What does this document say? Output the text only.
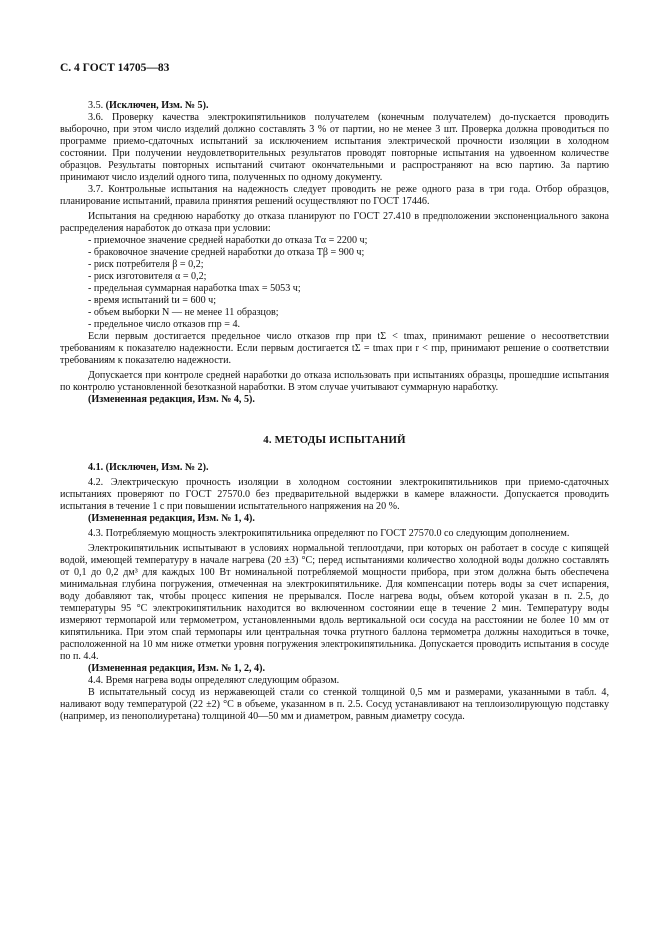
С. 4 ГОСТ 14705—83

3.5. (Исключен, Изм. № 5).

3.6. Проверку качества электрокипятильников получателем (конечным получателем) до-пускается проводить выборочно, при этом число изделий должно составлять 3 % от партии, но не менее 3 шт. Проверка должна проводиться по программе приемо-сдаточных испытаний за исключением испытания электрической прочности изоляции в холодном состоянии. При получении неудовлетворительных результатов проводят повторные испытания на удвоенном количестве образцов. Результаты повторных испытаний считают окончательными и распространяют на всю партию. За партию принимают число изделий одного типа, полученных по одному документу.

3.7. Контрольные испытания на надежность следует проводить не реже одного раза в три года. Отбор образцов, планирование испытаний, правила принятия решений осуществляют по ГОСТ 17446.

Испытания на среднюю наработку до отказа планируют по ГОСТ 27.410 в предположении экспоненциального закона распределения наработок до отказа при условии:

- приемочное значение средней наработки до отказа Tα = 2200 ч;

- браковочное значение средней наработки до отказа Tβ = 900 ч;

- риск потребителя β = 0,2;

- риск изготовителя α = 0,2;

- предельная суммарная наработка tmax = 5053 ч;

- время испытаний tи = 600 ч;

- объем выборки N — не менее 11 образцов;

- предельное число отказов rпр = 4.

Если первым достигается предельное число отказов rпр при tΣ < tmax, принимают решение о несоответствии требованиям к показателю надежности. Если первым достигается tΣ = tmax при r < rпр, принимают решение о соответствии требованиям к показателю надежности.

Допускается при контроле средней наработки до отказа использовать при испытаниях образцы, прошедшие испытания по контролю установленной безотказной наработки. В этом случае учитывают суммарную наработку.

(Измененная редакция, Изм. № 4, 5).

4. МЕТОДЫ ИСПЫТАНИЙ

4.1. (Исключен, Изм. № 2).

4.2. Электрическую прочность изоляции в холодном состоянии электрокипятильников при приемо-сдаточных испытаниях проверяют по ГОСТ 27570.0 без предварительной выдержки в камере влажности. Допускается проводить испытания в течение 1 с при повышении испытательного напряжения на 20 %.

(Измененная редакция, Изм. № 1, 4).

4.3. Потребляемую мощность электрокипятильника определяют по ГОСТ 27570.0 со следующим дополнением.

Электрокипятильник испытывают в условиях нормальной теплоотдачи, при которых он работает в сосуде с кипящей водой, имеющей температуру в начале нагрева (20 ±3) °С; перед испытаниями количество холодной воды должно составлять от 0,1 до 0,2 дм³ для каждых 100 Вт номинальной потребляемой мощности прибора, при этом должна быть обеспечена минимальная глубина погружения, отмеченная на электрокипятильнике. Для компенсации потерь воды за счет испарения, воду добавляют так, чтобы процесс кипения не прерывался. После нагрева воды, объем которой указан в п. 2.5, до температуры 95 °С электрокипятильник находится во включенном состоянии еще в течение 2 мин. Температуру воды измеряют термопарой или термометром, установленными вдоль вертикальной оси сосуда на расстоянии не более 10 мм от кипятильника. При этом спай термопары или центральная точка ртутного баллона термометра должны находиться в точке, расположенной на 10 мм ниже отметки уровня погружения электрокипятильника. Допускается проводить испытания в сосуде по п. 4.4.

(Измененная редакция, Изм. № 1, 2, 4).

4.4. Время нагрева воды определяют следующим образом.

В испытательный сосуд из нержавеющей стали со стенкой толщиной 0,5 мм и размерами, указанными в табл. 4, наливают воду температурой (22 ±2) °С в объеме, указанном в п. 2.5. Сосуд устанавливают на теплоизолирующую подставку (например, из пенополиуретана) толщиной 40—50 мм и диаметром, равным диаметру сосуда.
